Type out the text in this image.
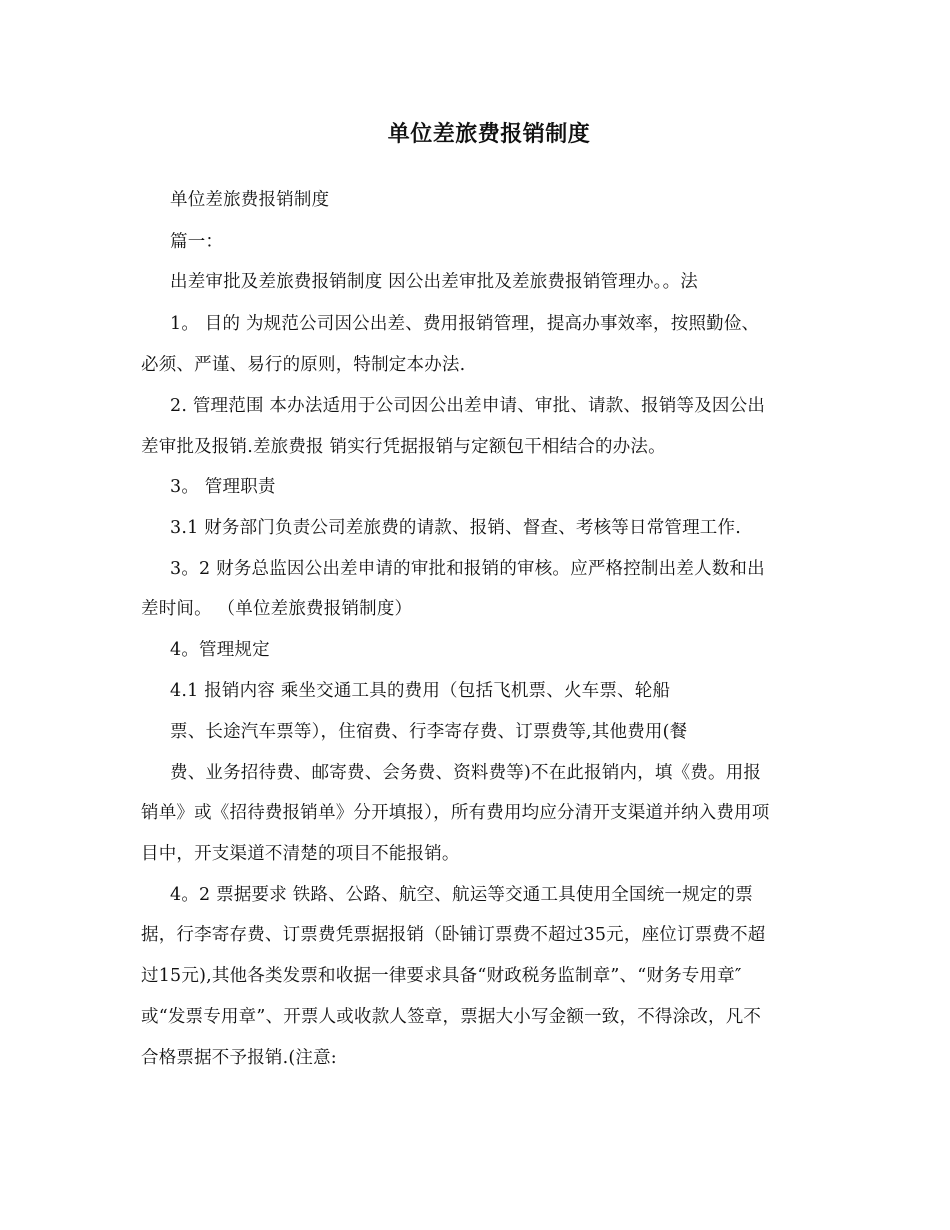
单位差旅费报销制度
单位差旅费报销制度
篇一：
出差审批及差旅费报销制度 因公出差审批及差旅费报销管理办。。法
1。 目的 为规范公司因公出差、费用报销管理，提高办事效率，按照勤俭、
必须、严谨、易行的原则，特制定本办法.
2. 管理范围 本办法适用于公司因公出差申请、审批、请款、报销等及因公出
差审批及报销.差旅费报 销实行凭据报销与定额包干相结合的办法。
3。 管理职责
3.1 财务部门负责公司差旅费的请款、报销、督查、考核等日常管理工作.
3。2 财务总监因公出差申请的审批和报销的审核。应严格控制出差人数和出
差时间。 （单位差旅费报销制度）
4。管理规定
4.1 报销内容 乘坐交通工具的费用（包括飞机票、火车票、轮船
票、长途汽车票等），住宿费、行李寄存费、订票费等,其他费用(餐
费、业务招待费、邮寄费、会务费、资料费等)不在此报销内，填《费。用报
销单》或《招待费报销单》分开填报），所有费用均应分清开支渠道并纳入费用项
目中，开支渠道不清楚的项目不能报销。
4。2 票据要求 铁路、公路、航空、航运等交通工具使用全国统一规定的票
据，行李寄存费、订票费凭票据报销（卧铺订票费不超过35元，座位订票费不超
过15元),其他各类发票和收据一律要求具备“财政税务监制章”、“财务专用章″
或“发票专用章”、开票人或收款人签章，票据大小写金额一致，不得涂改，凡不
合格票据不予报销.(注意:
